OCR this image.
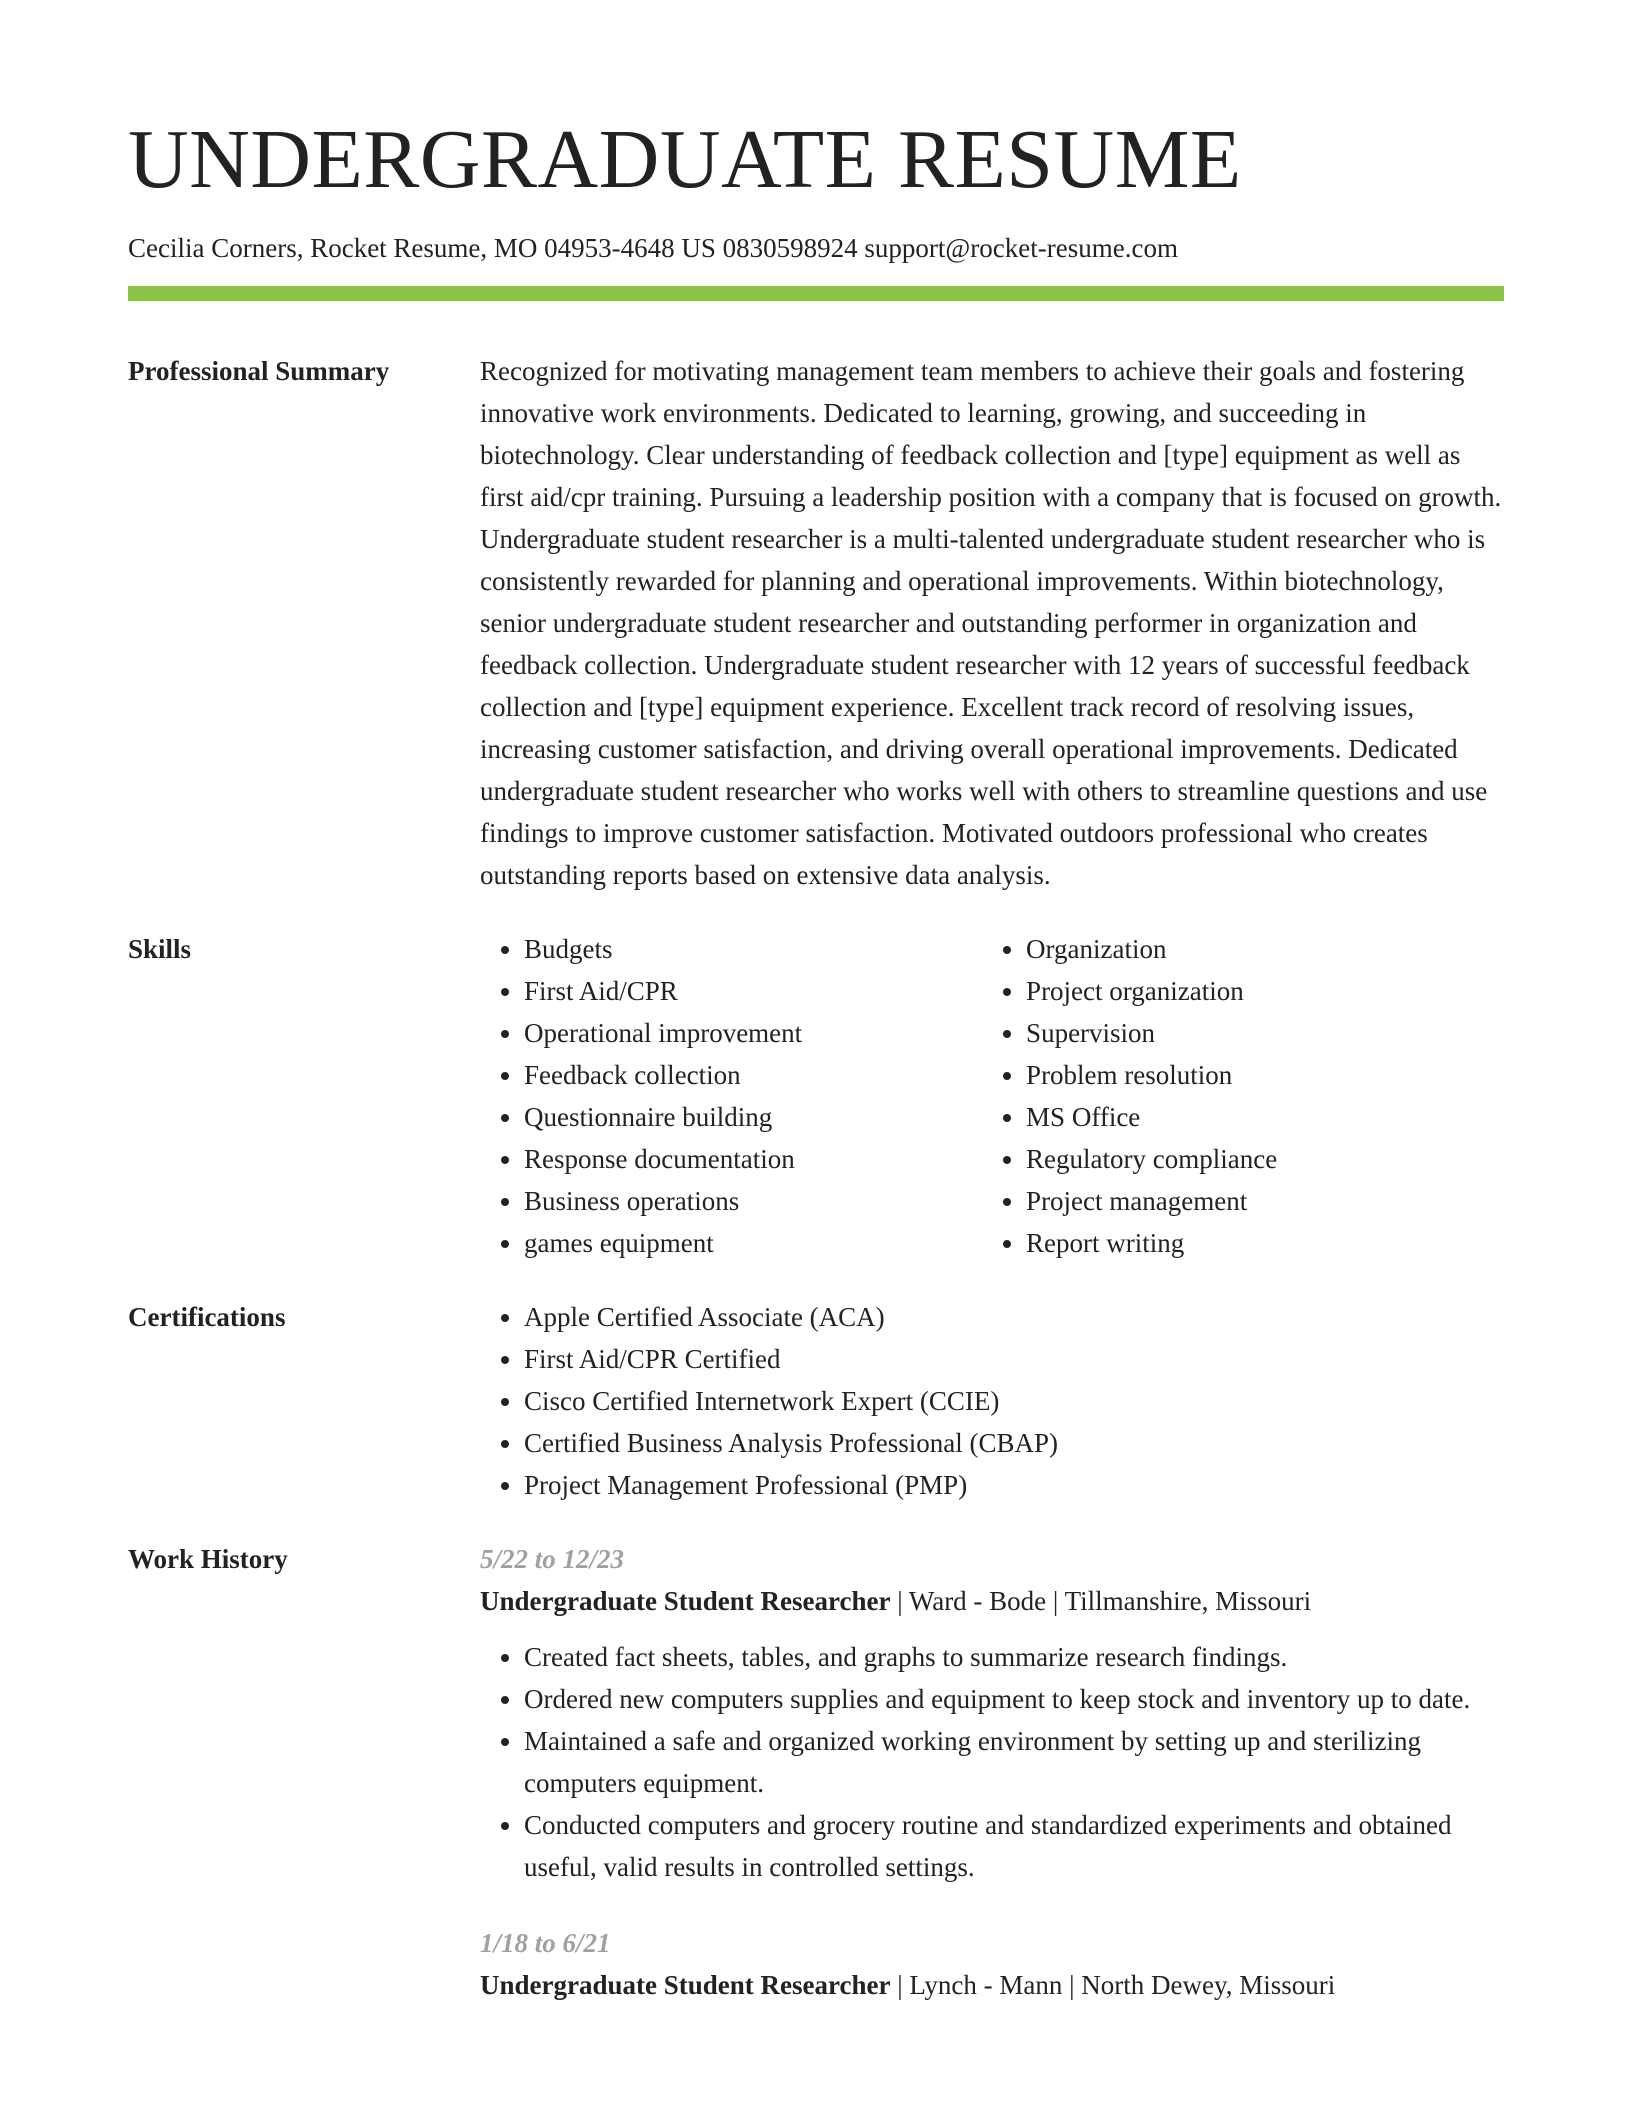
UNDERGRADUATE RESUME
Cecilia Corners, Rocket Resume, MO 04953-4648 US 0830598924 support@rocket-resume.com
Professional Summary	Recognized for motivating management team members to achieve their goals and fostering innovative work environments. Dedicated to learning, growing, and succeeding in biotechnology. Clear understanding of feedback collection and [type] equipment as well as first aid/cpr training. Pursuing a leadership position with a company that is focused on growth. Undergraduate student researcher is a multi-talented undergraduate student researcher who is consistently rewarded for planning and operational improvements. Within biotechnology, senior undergraduate student researcher and outstanding performer in organization and feedback collection. Undergraduate student researcher with 12 years of successful feedback collection and [type] equipment experience. Excellent track record of resolving issues, increasing customer satisfaction, and driving overall operational improvements. Dedicated undergraduate student researcher who works well with others to streamline questions and use findings to improve customer satisfaction. Motivated outdoors professional who creates outstanding reports based on extensive data analysis.

Skills	• Budgets
• First Aid/CPR
• Operational improvement
• Feedback collection
• Questionnaire building
• Response documentation
• Business operations
• games equipment
• Organization
• Project organization
• Supervision
• Problem resolution
• MS Office
• Regulatory compliance
• Project management
• Report writing
Certifications	• Apple Certified Associate (ACA)
• First Aid/CPR Certified
• Cisco Certified Internetwork Expert (CCIE)
• Certified Business Analysis Professional (CBAP)
• Project Management Professional (PMP)
Work History	5/22 to 12/23
Undergraduate Student Researcher | Ward - Bode | Tillmanshire, Missouri
• Created fact sheets, tables, and graphs to summarize research findings.
• Ordered new computers supplies and equipment to keep stock and inventory up to date.
• Maintained a safe and organized working environment by setting up and sterilizing computers equipment.
• Conducted computers and grocery routine and standardized experiments and obtained useful, valid results in controlled settings.
1/18 to 6/21
Undergraduate Student Researcher | Lynch - Mann | North Dewey, Missouri
